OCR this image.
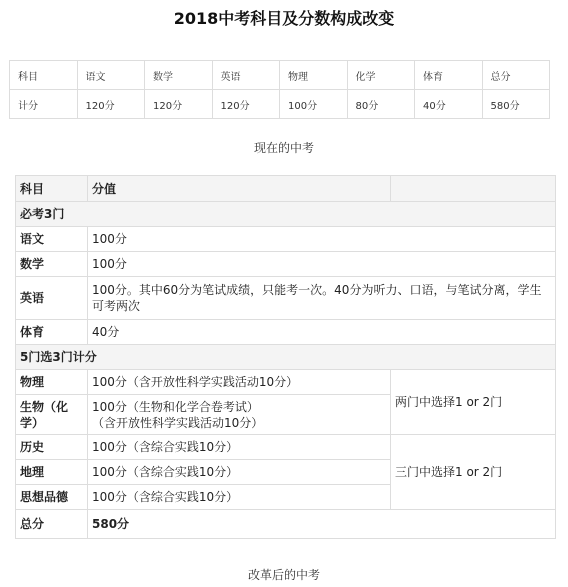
2018中考科目及分数构成改变
科目	语文	数学	英语	物理	化学	体育	总分
计分	120分	120分	120分	100分	80分	40分	580分
现在的中考
科目	分值	
必考3门		
语文	100分	
数学	100分	
英语	100分。其中60分为笔试成绩，只能考一次。40分为听力、口语，与笔试分离，学生
可考两次	

体育	40分	
5门选3门计分		
物理	100分（含开放性科学实践活动10分）	两门中选择1 or 2门

生物（化
学）	100分（生物和化学合卷考试）
（含开放性科学实践活动10分）	

历史	100分（含综合实践10分）	三门中选择1 or 2门
地理	100分（含综合实践10分）	
思想品德	100分（含综合实践10分）	
总分	580分	
改革后的中考
